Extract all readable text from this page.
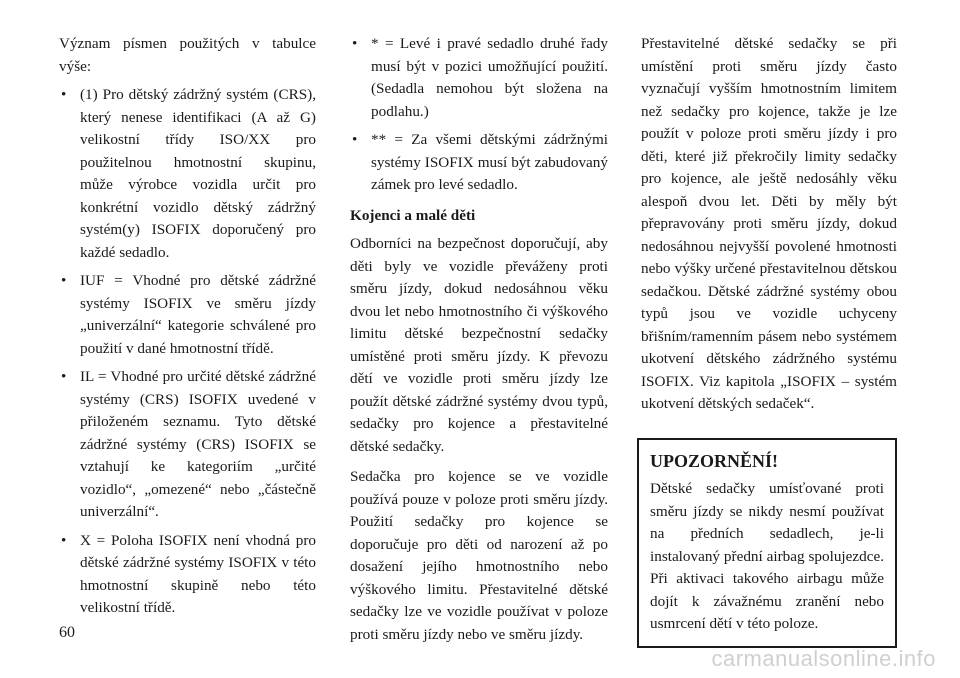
Význam písmen použitých v tabulce výše:

• (1) Pro dětský zádržný systém (CRS), který nenese identifikaci (A až G) velikostní třídy ISO/XX pro použitelnou hmotnostní skupinu, může výrobce vozidla určit pro konkrétní vozidlo dětský zádržný systém(y) ISOFIX doporučený pro každé sedadlo.
• IUF = Vhodné pro dětské zádržné systémy ISOFIX ve směru jízdy „univerzální“ kategorie schválené pro použití v dané hmotnostní třídě.
• IL = Vhodné pro určité dětské zádržné systémy (CRS) ISOFIX uvedené v přiloženém seznamu. Tyto dětské zádržné systémy (CRS) ISOFIX se vztahují ke kategoriím „určité vozidlo“, „omezené“ nebo „částečně univerzální“.
• X = Poloha ISOFIX není vhodná pro dětské zádržné systémy ISOFIX v této hmotnostní skupině nebo této velikostní třídě.
• * = Levé i pravé sedadlo druhé řady musí být v pozici umožňující použití. (Sedadla nemohou být složena na podlahu.)
• ** = Za všemi dětskými zádržnými systémy ISOFIX musí být zabudovaný zámek pro levé sedadlo.

Kojenci a malé děti

Odborníci na bezpečnost doporučují, aby děti byly ve vozidle převáženy proti směru jízdy, dokud nedosáhnou věku dvou let nebo hmotnostního či výškového limitu dětské bezpečnostní sedačky umístěné proti směru jízdy. K převozu dětí ve vozidle proti směru jízdy lze použít dětské zádržné systémy dvou typů, sedačky pro kojence a přestavitelné dětské sedačky.

Sedačka pro kojence se ve vozidle používá pouze v poloze proti směru jízdy. Použití sedačky pro kojence se doporučuje pro děti od narození až po dosažení jejího hmotnostního nebo výškového limitu. Přestavitelné dětské sedačky lze ve vozidle používat v poloze proti směru jízdy nebo ve směru jízdy.

Přestavitelné dětské sedačky se při umístění proti směru jízdy často vyznačují vyšším hmotnostním limitem než sedačky pro kojence, takže je lze použít v poloze proti směru jízdy i pro děti, které již překročily limity sedačky pro kojence, ale ještě nedosáhly věku alespoň dvou let. Děti by měly být přepravovány proti směru jízdy, dokud nedosáhnou nejvyšší povolené hmotnosti nebo výšky určené přestavitelnou dětskou sedačkou. Dětské zádržné systémy obou typů jsou ve vozidle uchyceny břišním/ramenním pásem nebo systémem ukotvení dětského zádržného systému ISOFIX. Viz kapitola „ISOFIX – systém ukotvení dětských sedaček“.

UPOZORNĚNÍ!

Dětské sedačky umísťované proti směru jízdy se nikdy nesmí používat na předních sedadlech, je-li instalovaný přední airbag spolujezdce. Při aktivaci takového airbagu může dojít k závažnému zranění nebo usmrcení dětí v této poloze.

60
carmanualsonline.info
